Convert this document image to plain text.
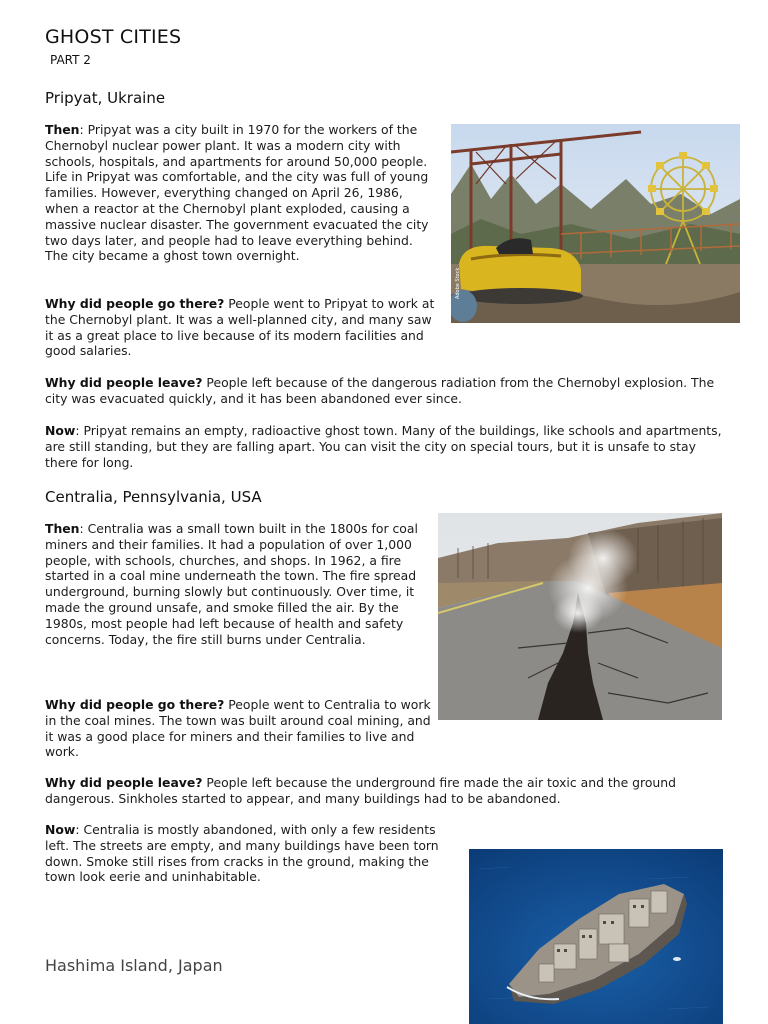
GHOST CITIES
PART 2
Pripyat, Ukraine

Then: Pripyat was a city built in 1970 for the workers of the Chernobyl nuclear power plant. It was a modern city with schools, hospitals, and apartments for around 50,000 people. Life in Pripyat was comfortable, and the city was full of young families. However, everything changed on April 26, 1986, when a reactor at the Chernobyl plant exploded, causing a massive nuclear disaster. The government evacuated the city two days later, and people had to leave everything behind. The city became a ghost town overnight.

Why did people go there? People went to Pripyat to work at the Chernobyl plant. It was a well-planned city, and many saw it as a great place to live because of its modern facilities and good salaries.

Why did people leave? People left because of the dangerous radiation from the Chernobyl explosion. The city was evacuated quickly, and it has been abandoned ever since.

Now: Pripyat remains an empty, radioactive ghost town. Many of the buildings, like schools and apartments, are still standing, but they are falling apart. You can visit the city on special tours, but it is unsafe to stay there for long.

Adobe Stock
Centralia, Pennsylvania, USA

Then: Centralia was a small town built in the 1800s for coal miners and their families. It had a population of over 1,000 people, with schools, churches, and shops. In 1962, a fire started in a coal mine underneath the town. The fire spread underground, burning slowly but continuously. Over time, it made the ground unsafe, and smoke filled the air. By the 1980s, most people had left because of health and safety concerns. Today, the fire still burns under Centralia.

Why did people go there? People went to Centralia to work in the coal mines. The town was built around coal mining, and it was a good place for miners and their families to live and work.

Why did people leave? People left because the underground fire made the air toxic and the ground dangerous. Sinkholes started to appear, and many buildings had to be abandoned.

Now: Centralia is mostly abandoned, with only a few residents left. The streets are empty, and many buildings have been torn down. Smoke still rises from cracks in the ground, making the town look eerie and uninhabitable.

Hashima Island, Japan
